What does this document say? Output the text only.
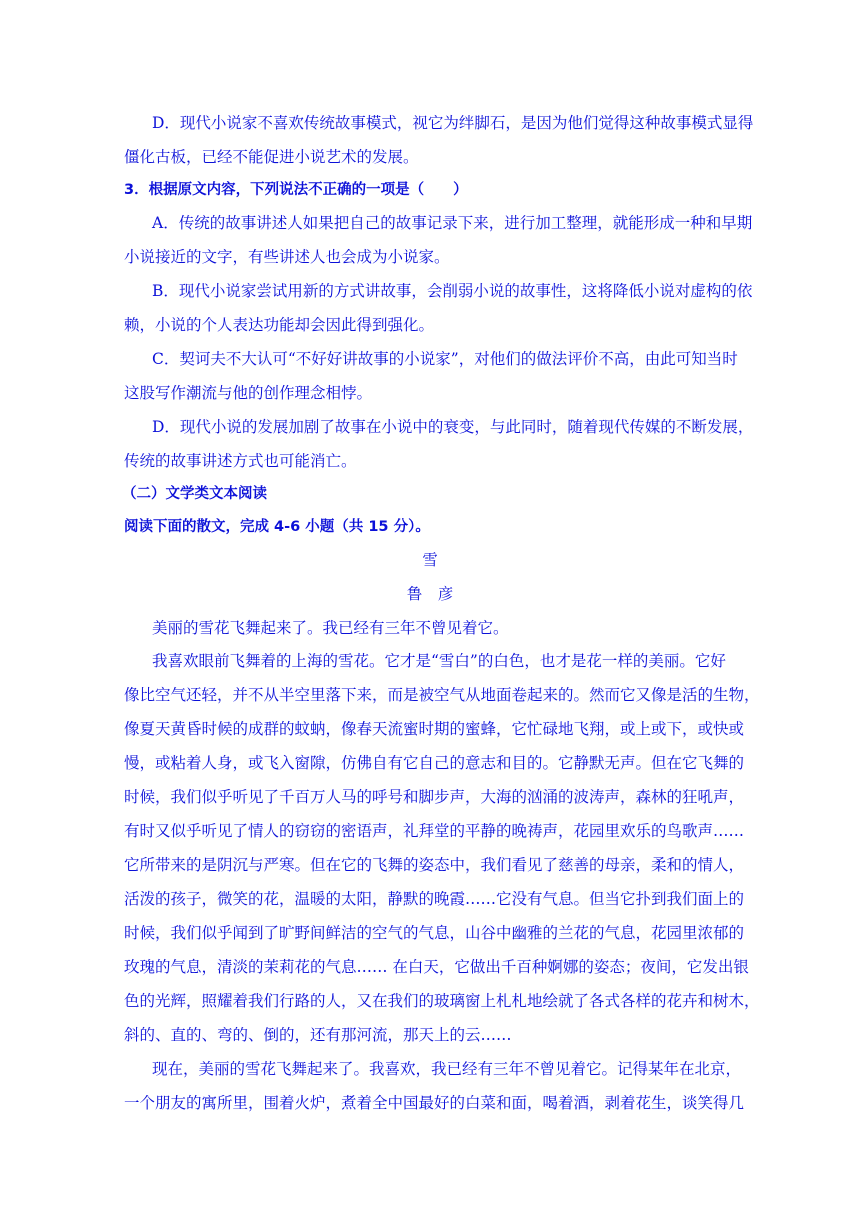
D．现代小说家不喜欢传统故事模式，视它为绊脚石，是因为他们觉得这种故事模式显得
僵化古板，已经不能促进小说艺术的发展。
3．根据原文内容，下列说法不正确的一项是（　　）
A．传统的故事讲述人如果把自己的故事记录下来，进行加工整理，就能形成一种和早期
小说接近的文字，有些讲述人也会成为小说家。
B．现代小说家尝试用新的方式讲故事，会削弱小说的故事性，这将降低小说对虚构的依
赖，小说的个人表达功能却会因此得到强化。
C．契诃夫不大认可“不好好讲故事的小说家”，对他们的做法评价不高，由此可知当时
这股写作潮流与他的创作理念相悖。
D．现代小说的发展加剧了故事在小说中的衰变，与此同时，随着现代传媒的不断发展，
传统的故事讲述方式也可能消亡。
（二）文学类文本阅读
阅读下面的散文，完成 4-6 小题（共 15 分）。
雪
鲁　彦
美丽的雪花飞舞起来了。我已经有三年不曾见着它。
我喜欢眼前飞舞着的上海的雪花。它才是“雪白”的白色，也才是花一样的美丽。它好
像比空气还轻，并不从半空里落下来，而是被空气从地面卷起来的。然而它又像是活的生物，
像夏天黄昏时候的成群的蚊蚋，像春天流蜜时期的蜜蜂，它忙碌地飞翔，或上或下，或快或
慢，或粘着人身，或飞入窗隙，仿佛自有它自己的意志和目的。它静默无声。但在它飞舞的
时候，我们似乎听见了千百万人马的呼号和脚步声，大海的汹涌的波涛声，森林的狂吼声，
有时又似乎听见了情人的窃窃的密语声，礼拜堂的平静的晚祷声，花园里欢乐的鸟歌声……
它所带来的是阴沉与严寒。但在它的飞舞的姿态中，我们看见了慈善的母亲，柔和的情人，
活泼的孩子，微笑的花，温暖的太阳，静默的晚霞……它没有气息。但当它扑到我们面上的
时候，我们似乎闻到了旷野间鲜洁的空气的气息，山谷中幽雅的兰花的气息，花园里浓郁的
玫瑰的气息，清淡的茉莉花的气息…… 在白天，它做出千百种婀娜的姿态；夜间，它发出银
色的光辉，照耀着我们行路的人，又在我们的玻璃窗上札札地绘就了各式各样的花卉和树木，
斜的、直的、弯的、倒的，还有那河流，那天上的云……
现在，美丽的雪花飞舞起来了。我喜欢，我已经有三年不曾见着它。记得某年在北京，
一个朋友的寓所里，围着火炉，煮着全中国最好的白菜和面，喝着酒，剥着花生，谈笑得几
